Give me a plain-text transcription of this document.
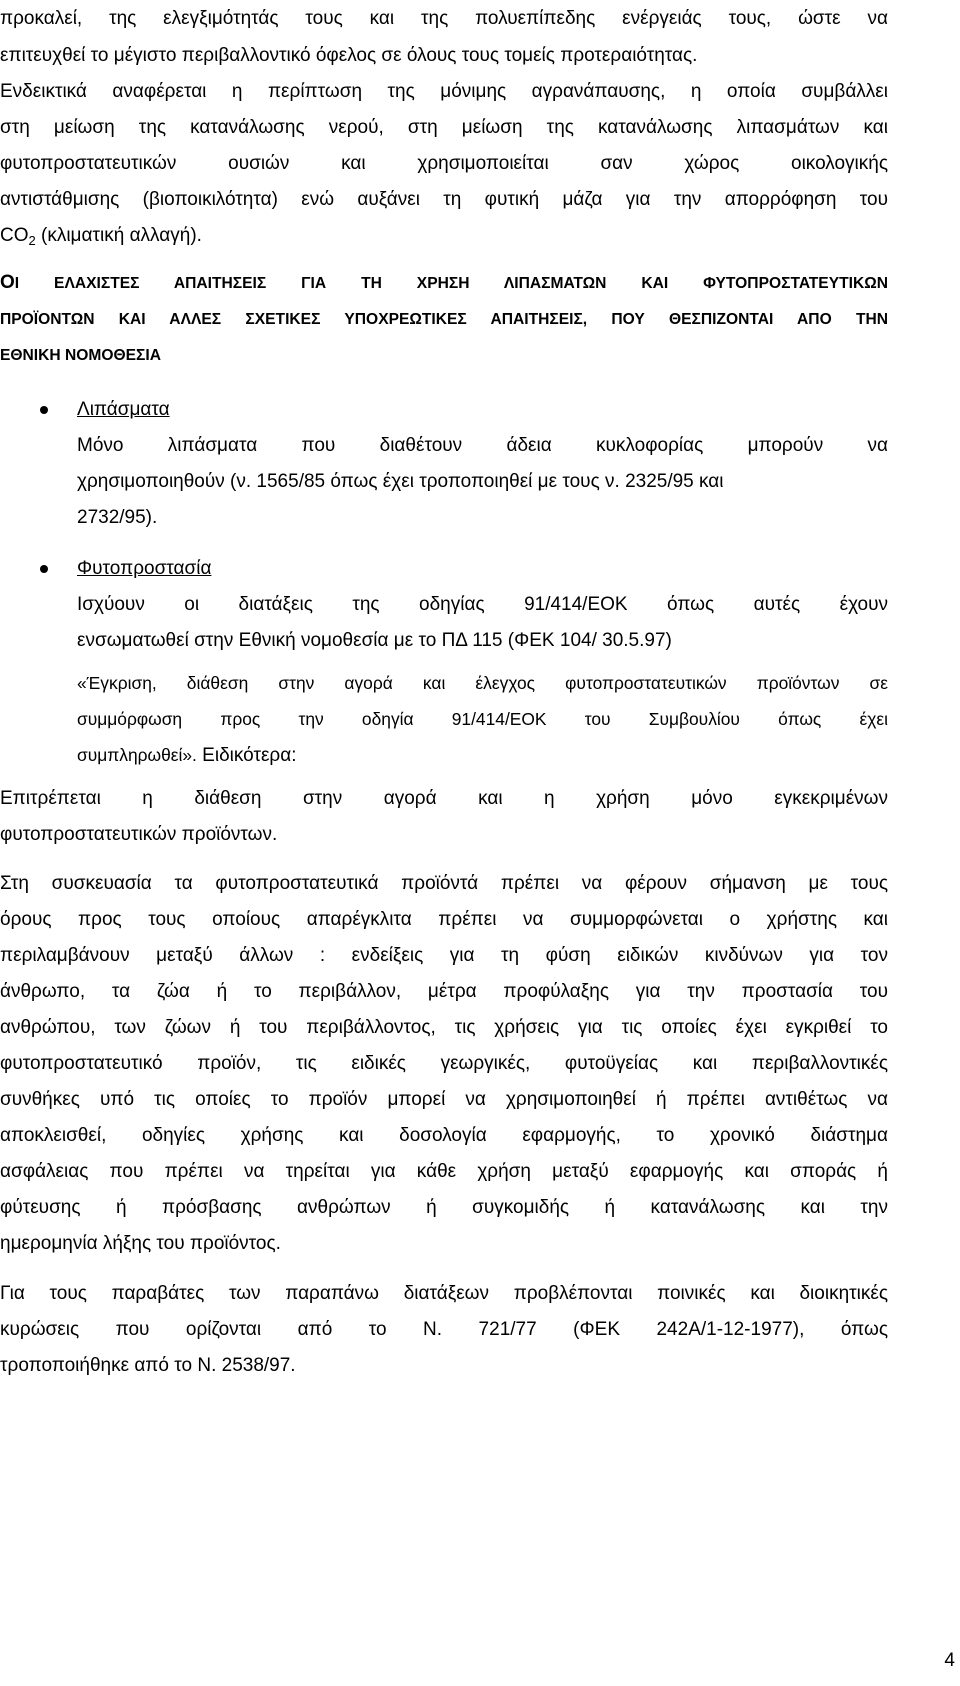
προκαλεί, της ελεγξιμότητάς τους και της πολυεπίπεδης ενέργειάς τους, ώστε να
επιτευχθεί το μέγιστο περιβαλλοντικό όφελος σε όλους τους τομείς προτεραιότητας.
Ενδεικτικά αναφέρεται η περίπτωση της μόνιμης αγρανάπαυσης, η οποία συμβάλλει
στη μείωση της κατανάλωσης νερού, στη μείωση της κατανάλωσης λιπασμάτων και
φυτοπροστατευτικών ουσιών και χρησιμοποιείται σαν χώρος οικολογικής
αντιστάθμισης (βιοποικιλότητα) ενώ αυξάνει τη φυτική μάζα για την απορρόφηση του
$CO_2$ (κλιματική αλλαγή).
ΟΙ ΕΛΑΧΙΣΤΕΣ ΑΠΑΙΤΗΣΕΙΣ ΓΙΑ ΤΗ ΧΡΗΣΗ ΛΙΠΑΣΜΑΤΩΝ ΚΑΙ ΦΥΤΟΠΡΟΣΤΑΤΕΥΤΙΚΩΝ
ΠΡΟΪΟΝΤΩΝ ΚΑΙ ΑΛΛΕΣ ΣΧΕΤΙΚΕΣ ΥΠΟΧΡΕΩΤΙΚΕΣ ΑΠΑΙΤΗΣΕΙΣ, ΠΟΥ ΘΕΣΠΙΖΟΝΤΑΙ ΑΠΟ ΤΗΝ
ΕΘΝΙΚΗ ΝΟΜΟΘΕΣΙΑ
Λιπάσματα
Μόνο λιπάσματα που διαθέτουν άδεια κυκλοφορίας μπορούν να
χρησιμοποιηθούν (ν. 1565/85 όπως έχει τροποποιηθεί με τους ν. 2325/95 και
2732/95).
Φυτοπροστασία
Ισχύουν οι διατάξεις της οδηγίας 91/414/ΕΟΚ όπως αυτές έχουν
ενσωματωθεί στην Εθνική νομοθεσία με το ΠΔ 115 (ΦΕΚ 104/ 30.5.97)
«Έγκριση, διάθεση στην αγορά και έλεγχος φυτοπροστατευτικών προϊόντων σε
συμμόρφωση προς την οδηγία 91/414/ΕΟΚ του Συμβουλίου όπως έχει
συμπληρωθεί». Ειδικότερα:
Επιτρέπεται η διάθεση στην αγορά και η χρήση μόνο εγκεκριμένων
φυτοπροστατευτικών προϊόντων.
Στη συσκευασία τα φυτοπροστατευτικά προϊόντά πρέπει να φέρουν σήμανση με τους
όρους προς τους οποίους απαρέγκλιτα πρέπει να συμμορφώνεται ο χρήστης και
περιλαμβάνουν μεταξύ άλλων : ενδείξεις για τη φύση ειδικών κινδύνων για τον
άνθρωπο, τα ζώα ή το περιβάλλον, μέτρα προφύλαξης για την προστασία του
ανθρώπου, των ζώων ή του περιβάλλοντος, τις χρήσεις για τις οποίες έχει εγκριθεί το
φυτοπροστατευτικό προϊόν, τις ειδικές γεωργικές, φυτοϋγείας και περιβαλλοντικές
συνθήκες υπό τις οποίες το προϊόν μπορεί να χρησιμοποιηθεί ή πρέπει αντιθέτως να
αποκλεισθεί, οδηγίες χρήσης και δοσολογία εφαρμογής, το χρονικό διάστημα
ασφάλειας που πρέπει να τηρείται για κάθε χρήση μεταξύ εφαρμογής και σποράς ή
φύτευσης ή πρόσβασης ανθρώπων ή συγκομιδής ή κατανάλωσης και την
ημερομηνία λήξης του προϊόντος.
Για τους παραβάτες των παραπάνω διατάξεων προβλέπονται ποινικές και διοικητικές
κυρώσεις που ορίζονται από το Ν. 721/77 (ΦΕΚ 242Α/1-12-1977), όπως
τροποποιήθηκε από το Ν. 2538/97.
4
